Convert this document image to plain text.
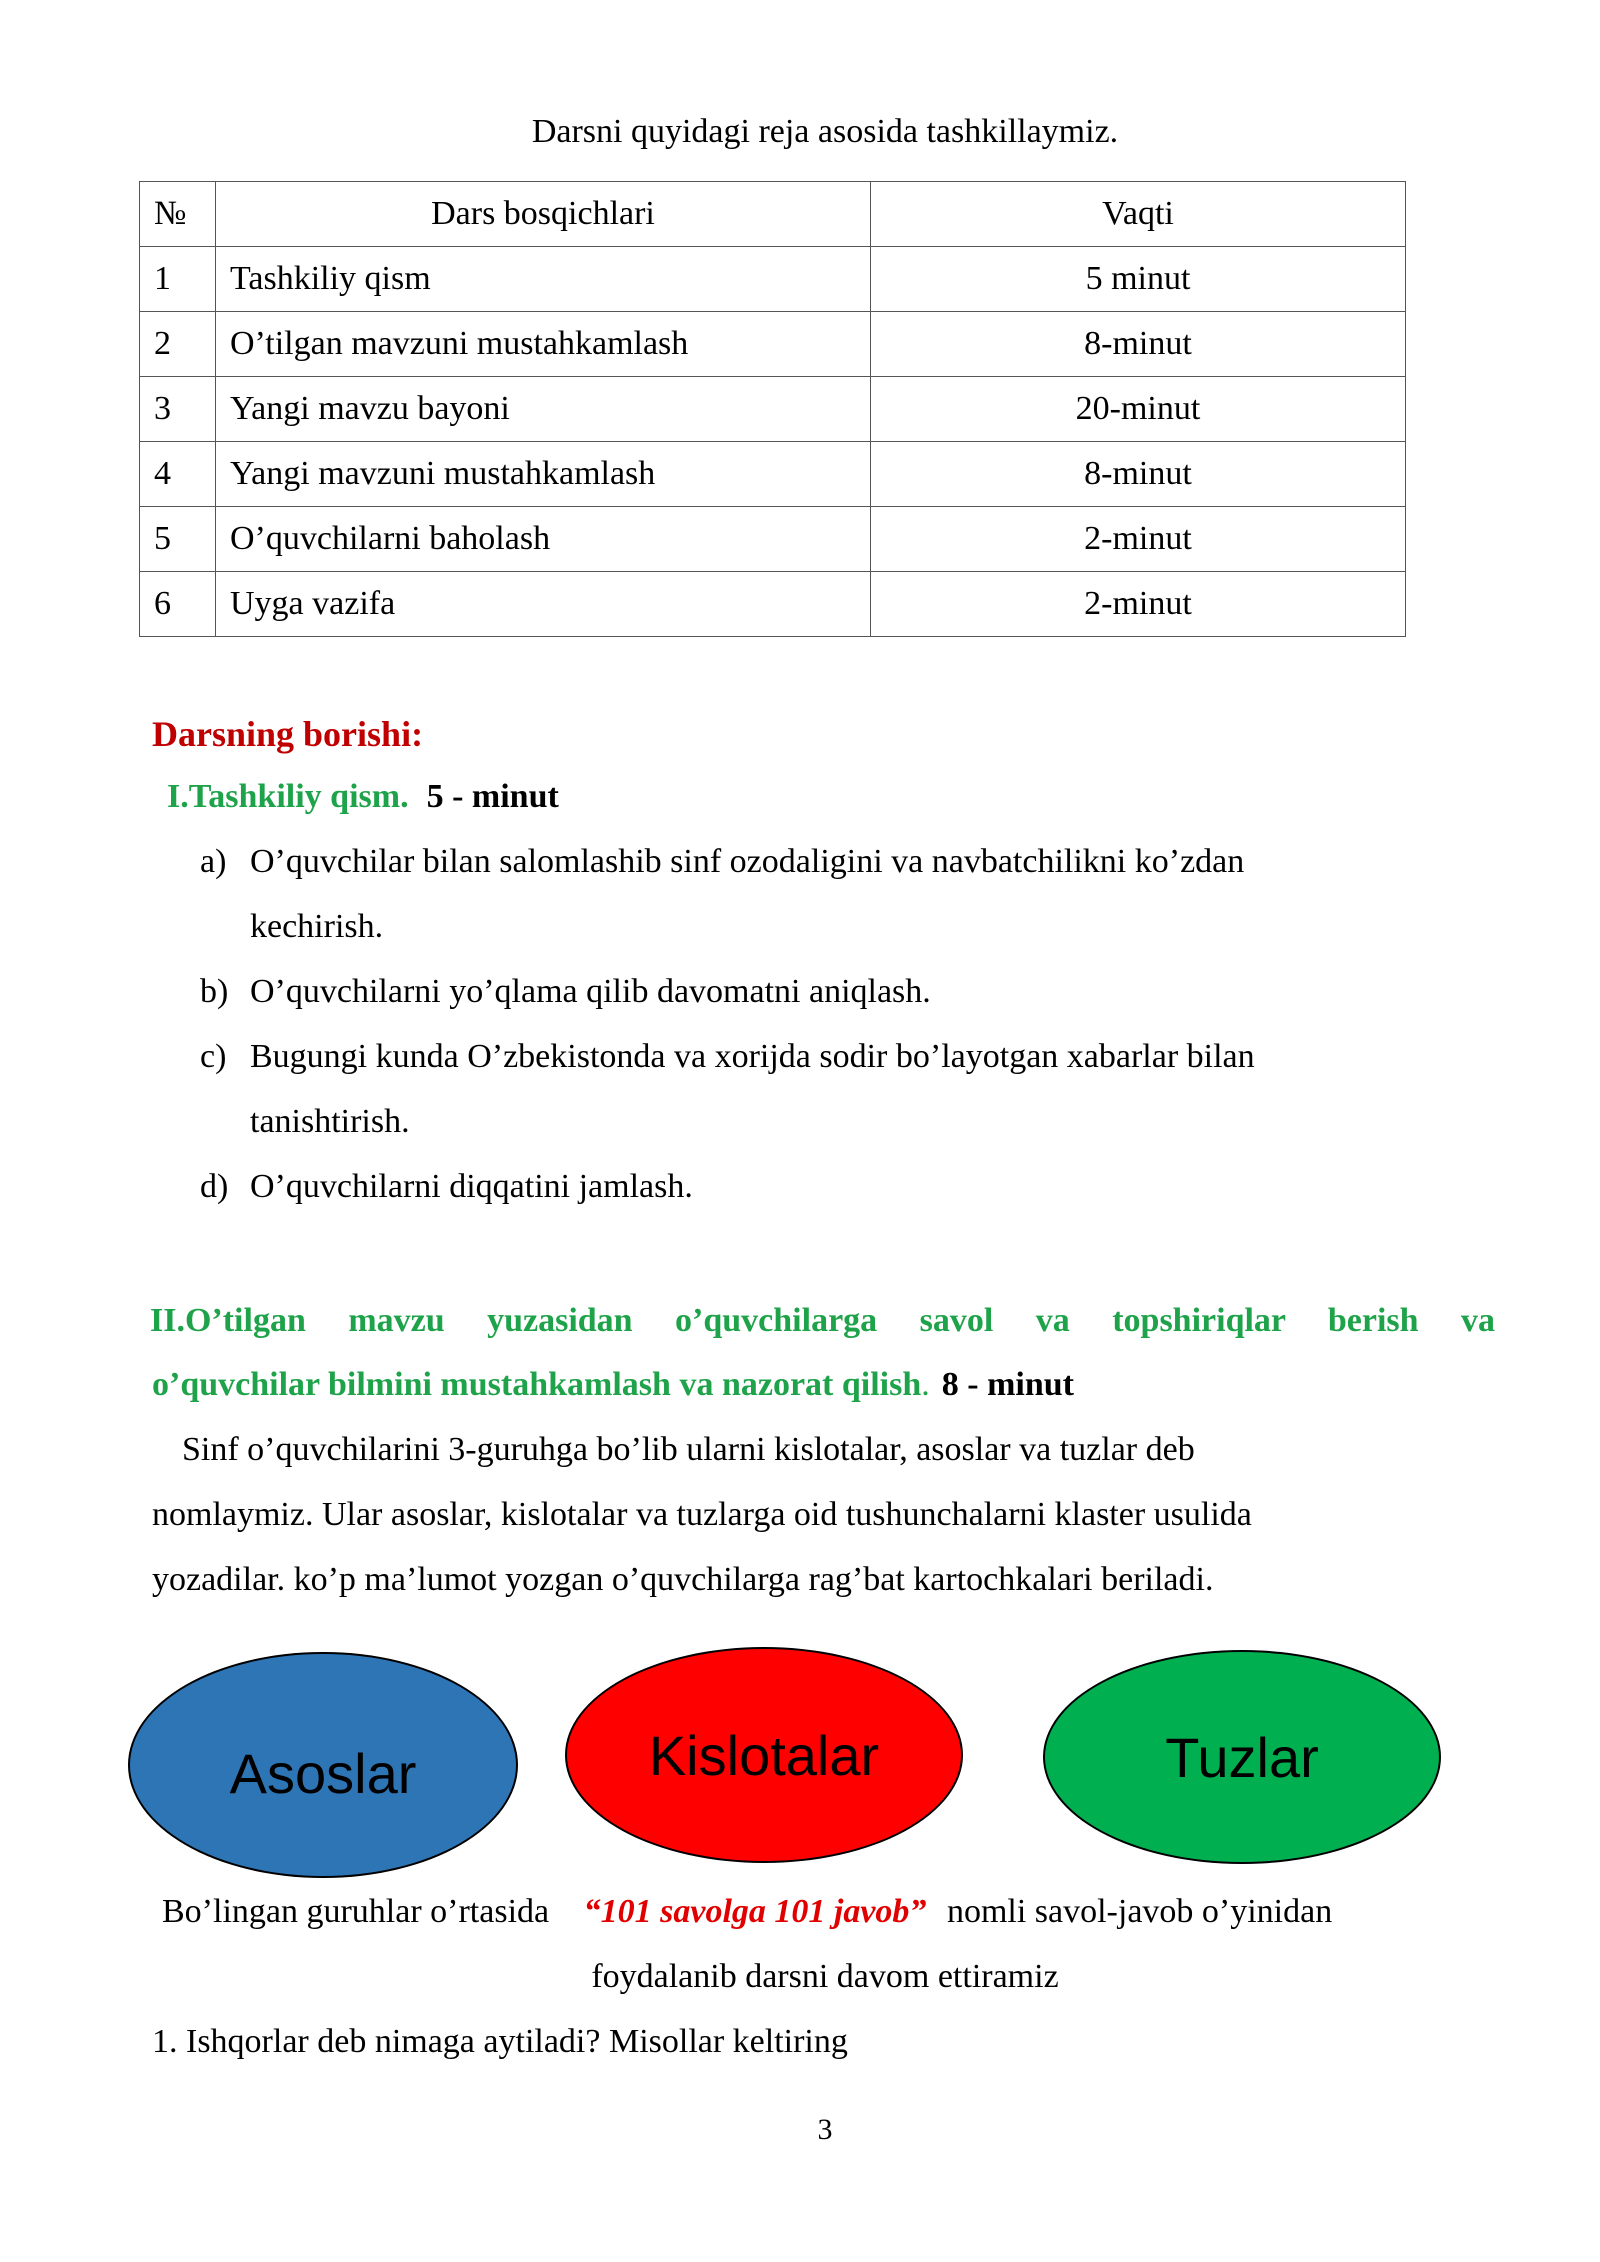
Darsni quyidagi reja asosida tashkillaymiz.
№	Dars bosqichlari	Vaqti
1	Tashkiliy qism	5 minut
2	O’tilgan mavzuni mustahkamlash	8-minut
3	Yangi mavzu bayoni	20-minut
4	Yangi mavzuni mustahkamlash	8-minut
5	O’quvchilarni baholash	2-minut
6	Uyga vazifa	2-minut
Darsning borishi:
I.Tashkiliy qism. 5 - minut
a) O’quvchilar bilan salomlashib sinf ozodaligini va navbatchilikni ko’zdan
kechirish.
b) O’quvchilarni yo’qlama qilib davomatni aniqlash.
c) Bugungi kunda O’zbekistonda va xorijda sodir bo’layotgan xabarlar bilan
tanishtirish.
d) O’quvchilarni diqqatini jamlash.
II.O’tilgan mavzu yuzasidan o’quvchilarga savol va topshiriqlar berish va
o’quvchilar bilmini mustahkamlash va nazorat qilish. 8 - minut
Sinf o’quvchilarini 3-guruhga bo’lib ularni kislotalar, asoslar va tuzlar deb
nomlaymiz. Ular asoslar, kislotalar va tuzlarga oid tushunchalarni klaster usulida
yozadilar. ko’p ma’lumot yozgan o’quvchilarga rag’bat kartochkalari beriladi.
Asoslar	Kislotalar	Tuzlar
Bo’lingan guruhlar o’rtasida “101 savolga 101 javob” nomli savol-javob o’yinidan
foydalanib darsni davom ettiramiz
1. Ishqorlar deb nimaga aytiladi? Misollar keltiring
3
